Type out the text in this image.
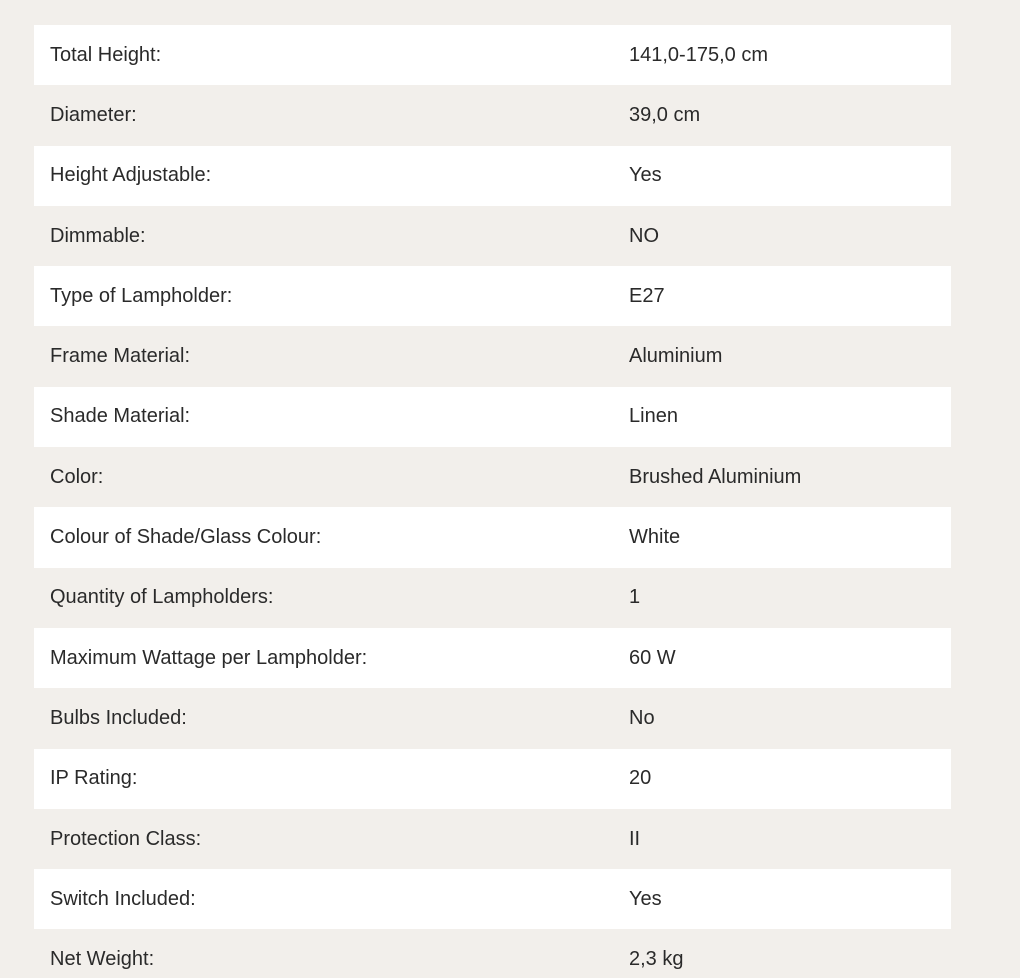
Total Height:	141,0-175,0 cm
Diameter:	39,0 cm
Height Adjustable:	Yes
Dimmable:	NO
Type of Lampholder:	E27
Frame Material:	Aluminium
Shade Material:	Linen
Color:	Brushed Aluminium
Colour of Shade/Glass Colour:	White
Quantity of Lampholders:	1
Maximum Wattage per Lampholder:	60 W
Bulbs Included:	No
IP Rating:	20
Protection Class:	II
Switch Included:	Yes
Net Weight:	2,3 kg
